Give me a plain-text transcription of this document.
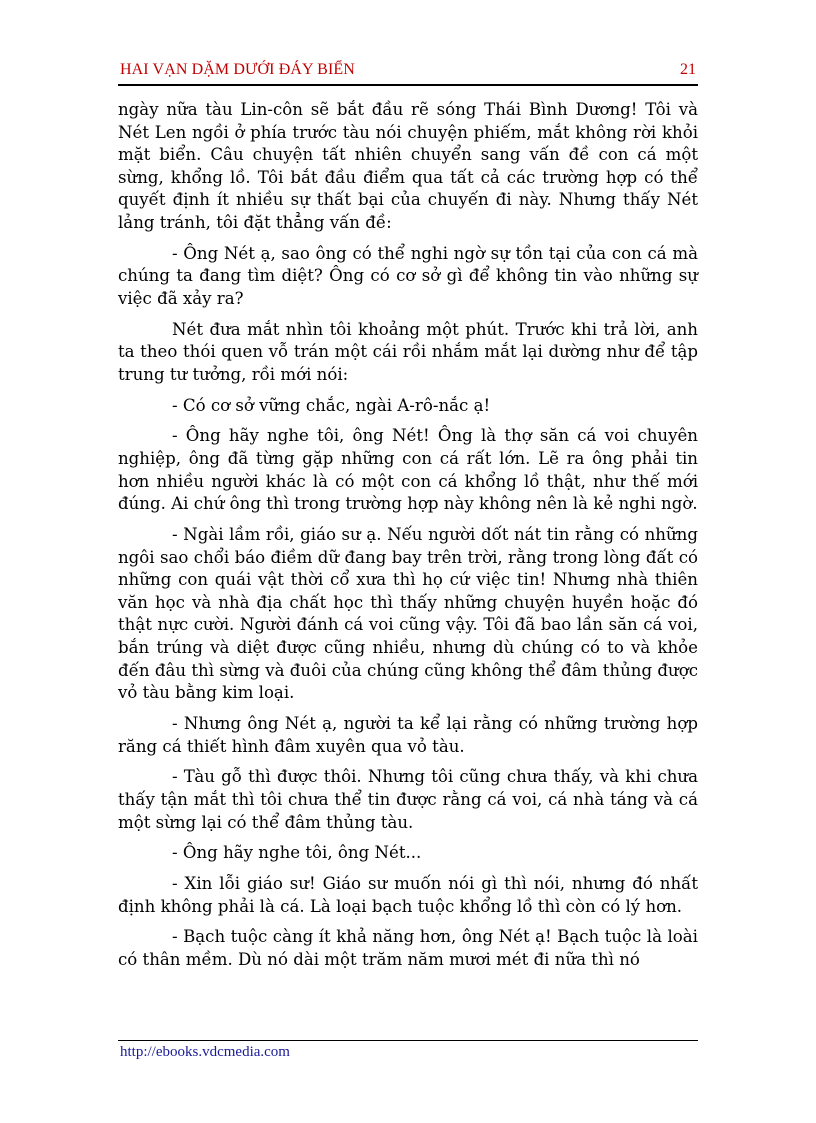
HAI VẠN DẶM DƯỚI ĐÁY BIỂN	21

ngày nữa tàu Lin-côn sẽ bắt đầu rẽ sóng Thái Bình Dương! Tôi và Nét Len ngồi ở phía trước tàu nói chuyện phiếm, mắt không rời khỏi mặt biển. Câu chuyện tất nhiên chuyển sang vấn đề con cá một sừng, khổng lồ. Tôi bắt đầu điểm qua tất cả các trường hợp có thể quyết định ít nhiều sự thất bại của chuyến đi này. Nhưng thấy Nét lảng tránh, tôi đặt thẳng vấn đề:

- Ông Nét ạ, sao ông có thể nghi ngờ sự tồn tại của con cá mà chúng ta đang tìm diệt? Ông có cơ sở gì để không tin vào những sự việc đã xảy ra?

Nét đưa mắt nhìn tôi khoảng một phút. Trước khi trả lời, anh ta theo thói quen vỗ trán một cái rồi nhắm mắt lại dường như để tập trung tư tưởng, rồi mới nói:

- Có cơ sở vững chắc, ngài A-rô-nắc ạ!

- Ông hãy nghe tôi, ông Nét! Ông là thợ săn cá voi chuyên nghiệp, ông đã từng gặp những con cá rất lớn. Lẽ ra ông phải tin hơn nhiều người khác là có một con cá khổng lồ thật, như thế mới đúng. Ai chứ ông thì trong trường hợp này không nên là kẻ nghi ngờ.

- Ngài lầm rồi, giáo sư ạ. Nếu người dốt nát tin rằng có những ngôi sao chổi báo điềm dữ đang bay trên trời, rằng trong lòng đất có những con quái vật thời cổ xưa thì họ cứ việc tin! Nhưng nhà thiên văn học và nhà địa chất học thì thấy những chuyện huyền hoặc đó thật nực cười. Người đánh cá voi cũng vậy. Tôi đã bao lần săn cá voi, bắn trúng và diệt được cũng nhiều, nhưng dù chúng có to và khỏe đến đâu thì sừng và đuôi của chúng cũng không thể đâm thủng được vỏ tàu bằng kim loại.

- Nhưng ông Nét ạ, người ta kể lại rằng có những trường hợp răng cá thiết hình đâm xuyên qua vỏ tàu.

- Tàu gỗ thì được thôi. Nhưng tôi cũng chưa thấy, và khi chưa thấy tận mắt thì tôi chưa thể tin được rằng cá voi, cá nhà táng và cá một sừng lại có thể đâm thủng tàu.

- Ông hãy nghe tôi, ông Nét...

- Xin lỗi giáo sư! Giáo sư muốn nói gì thì nói, nhưng đó nhất định không phải là cá. Là loại bạch tuộc khổng lồ thì còn có lý hơn.

- Bạch tuộc càng ít khả năng hơn, ông Nét ạ! Bạch tuộc là loài có thân mềm. Dù nó dài một trăm năm mươi mét đi nữa thì nó

http://ebooks.vdcmedia.com
